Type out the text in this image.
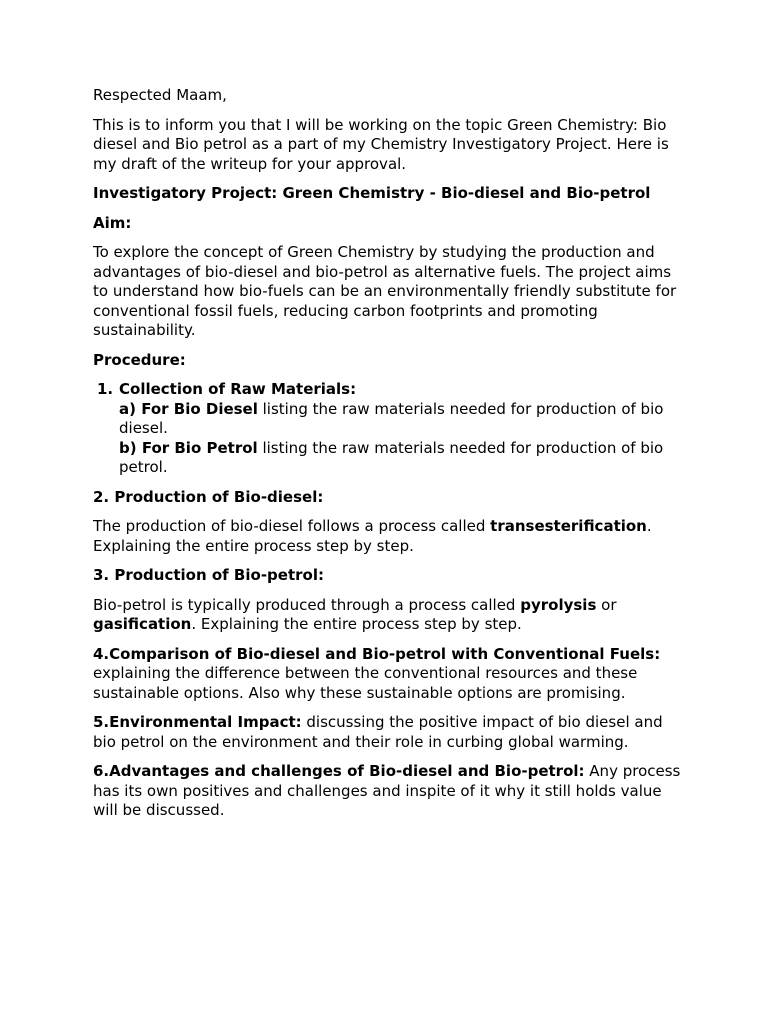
Respected Maam,

This is to inform you that I will be working on the topic Green Chemistry: Bio diesel and Bio petrol as a part of my Chemistry Investigatory Project. Here is my draft of the writeup for your approval.

Investigatory Project: Green Chemistry - Bio-diesel and Bio-petrol

Aim:

To explore the concept of Green Chemistry by studying the production and advantages of bio-diesel and bio-petrol as alternative fuels. The project aims to understand how bio-fuels can be an environmentally friendly substitute for conventional fossil fuels, reducing carbon footprints and promoting sustainability.

Procedure:

1. Collection of Raw Materials:
a) For Bio Diesel listing the raw materials needed for production of bio diesel.
b) For Bio Petrol listing the raw materials needed for production of bio petrol.

2. Production of Bio-diesel:

The production of bio-diesel follows a process called transesterification. Explaining the entire process step by step.

3. Production of Bio-petrol:

Bio-petrol is typically produced through a process called pyrolysis or gasification. Explaining the entire process step by step.

4.Comparison of Bio-diesel and Bio-petrol with Conventional Fuels: explaining the difference between the conventional resources and these sustainable options. Also why these sustainable options are promising.

5.Environmental Impact: discussing the positive impact of bio diesel and bio petrol on the environment and their role in curbing global warming.

6.Advantages and challenges of Bio-diesel and Bio-petrol: Any process has its own positives and challenges and inspite of it why it still holds value will be discussed.
